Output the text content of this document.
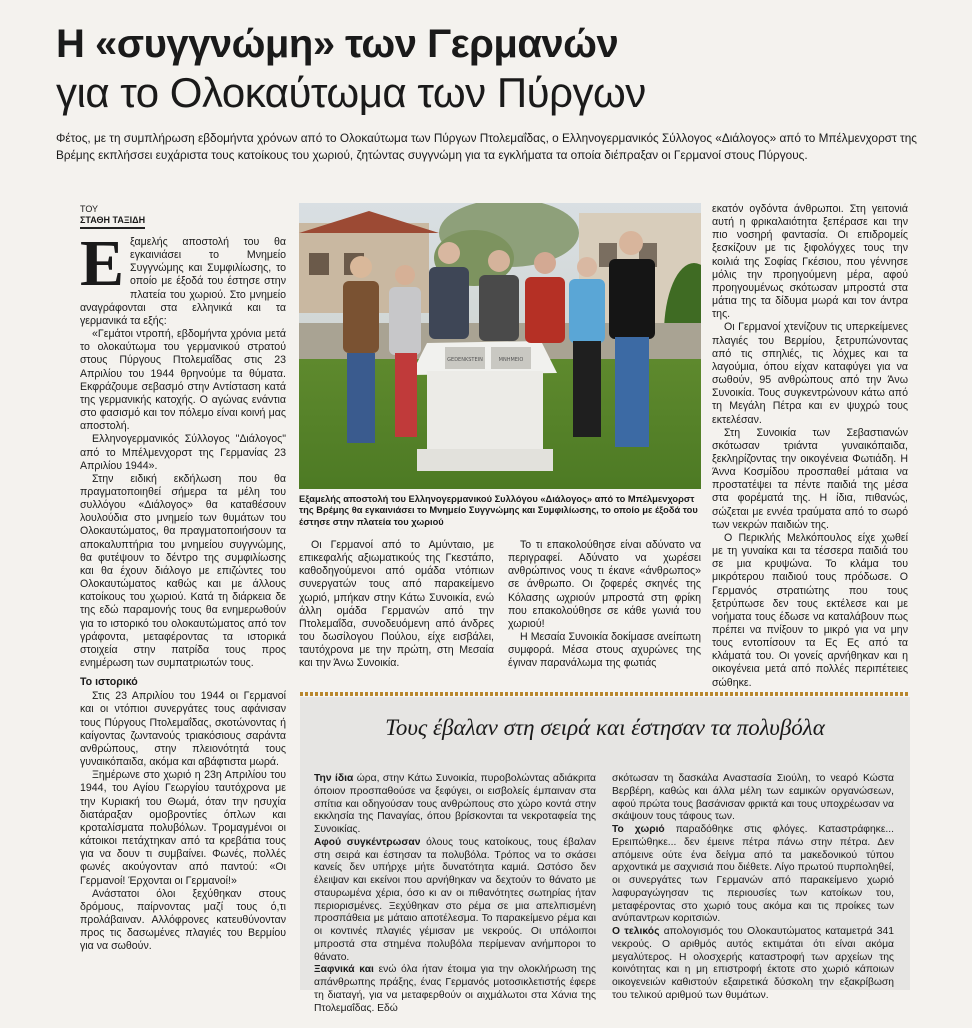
Η «συγγνώμη» των Γερμανών
για το Ολοκαύτωμα των Πύργων
Φέτος, με τη συμπλήρωση εβδομήντα χρόνων από το Ολοκαύτωμα των Πύργων Πτολεμαΐδας, ο Ελληνογερμανικός Σύλλογος «Διάλογος» από το Μπέλμενχορστ της Βρέμης εκπλήσσει ευχάριστα τους κατοίκους του χωριού, ζητώντας συγγνώμη για τα εγκλήματα τα οποία διέπραξαν οι Γερμανοί στους Πύργους.
ΤΟΥ
ΣΤΑΘΗ ΤΑΞΙΔΗ
Ε ξαμελής αποστολή του θα εγκαινιάσει το Μνημείο Συγγνώμης και Συμφιλίωσης, το οποίο με έξοδά του έστησε στην πλατεία του χωριού. Στο μνημείο αναγράφονται στα ελληνικά και τα γερμανικά τα εξής:

«Γεμάτοι ντροπή, εβδομήντα χρόνια μετά το ολοκαύτωμα του γερμανικού στρατού στους Πύργους Πτολεμαΐδας στις 23 Απριλίου του 1944 θρηνούμε τα θύματα. Εκφράζουμε σεβασμό στην Αντίσταση κατά της γερμανικής κατοχής. Ο αγώνας ενάντια στο φασισμό και τον πόλεμο είναι κοινή μας αποστολή.

Ελληνογερμανικός Σύλλογος "Διάλογος" από το Μπέλμενχορστ της Γερμανίας 23 Απριλίου 1944».

Στην ειδική εκδήλωση που θα πραγματοποιηθεί σήμερα τα μέλη του συλλόγου «Διάλογος» θα καταθέσουν λουλούδια στο μνημείο των θυμάτων του Ολοκαυτώματος, θα πραγματοποιήσουν τα αποκαλυπτήρια του μνημείου συγγνώμης, θα φυτέψουν το δέντρο της συμφιλίωσης και θα έχουν διάλογο με επιζώντες του Ολοκαυτώματος καθώς και με άλλους κατοίκους του χωριού. Κατά τη διάρκεια δε της εδώ παραμονής τους θα ενημερωθούν για το ιστορικό του ολοκαυτώματος από τον γράφοντα, μεταφέροντας τα ιστορικά στοιχεία στην πατρίδα τους προς ενημέρωση των συμπατριωτών τους.

Το ιστορικό

Στις 23 Απριλίου του 1944 οι Γερμανοί και οι ντόπιοι συνεργάτες τους αφάνισαν τους Πύργους Πτολεμαΐδας, σκοτώνοντας ή καίγοντας ζωντανούς τριακόσιους σαράντα ανθρώπους, στην πλειονότητά τους γυναικόπαιδα, ακόμα και αβάφτιστα μωρά.

Ξημέρωνε στο χωριό η 23η Απριλίου του 1944, του Αγίου Γεωργίου ταυτόχρονα με την Κυριακή του Θωμά, όταν την ησυχία διατάραξαν ομοβροντίες όπλων και κροταλίσματα πολυβόλων. Τρομαγμένοι οι κάτοικοι πετάχτηκαν από τα κρεβάτια τους για να δουν τι συμβαίνει. Φωνές, πολλές φωνές ακούγονταν από παντού: «Οι Γερμανοί! Έρχονται οι Γερμανοί!»

Ανάστατοι όλοι ξεχύθηκαν στους δρόμους, παίρνοντας μαζί τους ό,τι προλάβαιναν. Αλλόφρονες κατευθύνονταν προς τις δασωμένες πλαγιές του Βερμίου για να σωθούν.

GEDENKSTEIN	ΜΝΗΜΕΙΟ
Εξαμελής αποστολή του Ελληνογερμανικού Συλλόγου «Διάλογος» από το Μπέλμενχορστ της Βρέμης θα εγκαινιάσει το Μνημείο Συγγνώμης και Συμφιλίωσης, το οποίο με έξοδά του έστησε στην πλατεία του χωριού

Οι Γερμανοί από το Αμύνταιο, με επικεφαλής αξιωματικούς της Γκεστάπο, καθοδηγούμενοι από ομάδα ντόπιων συνεργατών τους από παρακείμενο χωριό, μπήκαν στην Κάτω Συνοικία, ενώ άλλη ομάδα Γερμανών από την Πτολεμαΐδα, συνοδευόμενη από άνδρες του δωσίλογου Πούλου, είχε εισβάλει, ταυτόχρονα με την πρώτη, στη Μεσαία και την Άνω Συνοικία.

Το τι επακολούθησε είναι αδύνατο να περιγραφεί. Αδύνατο να χωρέσει ανθρώπινος νους τι έκανε «άνθρωπος» σε άνθρωπο. Οι ζοφερές σκηνές της Κόλασης ωχριούν μπροστά στη φρίκη που επακολούθησε σε κάθε γωνιά του χωριού!

Η Μεσαία Συνοικία δοκίμασε ανείπωτη συμφορά. Μέσα στους αχυρώνες της έγιναν παρανάλωμα της φωτιάς

εκατόν ογδόντα άνθρωποι. Στη γειτονιά αυτή η φρικαλαιότητα ξεπέρασε και την πιο νοσηρή φαντασία. Οι επιδρομείς ξεσκίζουν με τις ξιφολόγχες τους την κοιλιά της Σοφίας Γκέσιου, που γέννησε μόλις την προηγούμενη μέρα, αφού προηγουμένως σκότωσαν μπροστά στα μάτια της τα δίδυμα μωρά και τον άντρα της.

Οι Γερμανοί χτενίζουν τις υπερκείμενες πλαγιές του Βερμίου, ξετρυπώνοντας από τις σπηλιές, τις λόχμες και τα λαγούμια, όπου είχαν καταφύγει για να σωθούν, 95 ανθρώπους από την Άνω Συνοικία. Τους συγκεντρώνουν κάτω από τη Μεγάλη Πέτρα και εν ψυχρώ τους εκτελέσαν.

Στη Συνοικία των Σεβαστιανών σκότωσαν τριάντα γυναικόπαιδα, ξεκληρίζοντας την οικογένεια Φωτιάδη. Η Άννα Κοσμίδου προσπαθεί μάταια να προστατέψει τα πέντε παιδιά της μέσα στα φορέματά της. Η ίδια, πιθανώς, σώζεται με εννέα τραύματα από το σωρό των νεκρών παιδιών της.

Ο Περικλής Μελκόπουλος είχε χωθεί με τη γυναίκα και τα τέσσερα παιδιά του σε μια κρυψώνα. Το κλάμα του μικρότερου παιδιού τους πρόδωσε. Ο Γερμανός στρατιώτης που τους ξετρύπωσε δεν τους εκτέλεσε και με νοήματα τους έδωσε να καταλάβουν πως πρέπει να πνίξουν το μικρό για να μην τους εντοπίσουν τα Ες Ες από τα κλάματά του. Οι γονείς αρνήθηκαν και η οικογένεια μετά από πολλές περιπέτειες σώθηκε.

Τους έβαλαν στη σειρά και έστησαν τα πολυβόλα

Την ίδια ώρα, στην Κάτω Συνοικία, πυροβολώντας αδιάκριτα όποιον προσπαθούσε να ξεφύγει, οι εισβολείς έμπαιναν στα σπίτια και οδηγούσαν τους ανθρώπους στο χώρο κοντά στην εκκλησία της Παναγίας, όπου βρίσκονται τα νεκροταφεία της Συνοικίας.

Αφού συγκέντρωσαν όλους τους κατοίκους, τους έβαλαν στη σειρά και έστησαν τα πολυβόλα. Τρόπος να το σκάσει κανείς δεν υπήρχε μήτε δυνατότητα καμιά. Ωστόσο δεν έλειψαν και εκείνοι που αρνήθηκαν να δεχτούν το θάνατο με σταυρωμένα χέρια, όσο κι αν οι πιθανότητες σωτηρίας ήταν περιορισμένες. Ξεχύθηκαν στο ρέμα σε μια απελπισμένη προσπάθεια με μάταιο αποτέλεσμα. Το παρακείμενο ρέμα και οι κοντινές πλαγιές γέμισαν με νεκρούς. Οι υπόλοιποι μπροστά στα στημένα πολυβόλα περίμεναν ανήμποροι το θάνατο.

Ξαφνικά και ενώ όλα ήταν έτοιμα για την ολοκλήρωση της απάνθρωπης πράξης, ένας Γερμανός μοτοσικλετιστής έφερε τη διαταγή, για να μεταφερθούν οι αιχμάλωτοι στα Χάνια της Πτολεμαΐδας. Εδώ

σκότωσαν τη δασκάλα Αναστασία Σιούλη, το νεαρό Κώστα Βερβέρη, καθώς και άλλα μέλη των εαμικών οργανώσεων, αφού πρώτα τους βασάνισαν φρικτά και τους υποχρέωσαν να σκάψουν τους τάφους των.

Το χωριό παραδόθηκε στις φλόγες. Καταστράφηκε... Ερειπώθηκε... δεν έμεινε πέτρα πάνω στην πέτρα. Δεν απόμεινε ούτε ένα δείγμα από τα μακεδονικού τύπου αρχοντικά με σαχνισιά που διέθετε. Λίγο πρωτού πυρποληθεί, οι συνεργάτες των Γερμανών από παρακείμενο χωριό λαφυραγώγησαν τις περιουσίες των κατοίκων του, μεταφέροντας στο χωριό τους ακόμα και τις προίκες των ανύπαντρων κοριτσιών.

Ο τελικός απολογισμός του Ολοκαυτώματος καταμετρά 341 νεκρούς. Ο αριθμός αυτός εκτιμάται ότι είναι ακόμα μεγαλύτερος. Η ολοσχερής καταστροφή των αρχείων της κοινότητας και η μη επιστροφή έκτοτε στο χωριό κάποιων οικογενειών καθιστούν εξαιρετικά δύσκολη την εξακρίβωση του τελικού αριθμού των θυμάτων.
